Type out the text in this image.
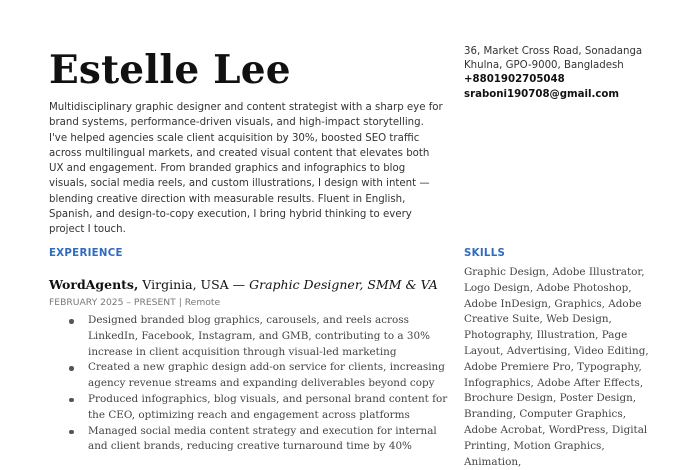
Estelle Lee

Multidisciplinary graphic designer and content strategist with a sharp eye for brand systems, performance-driven visuals, and high-impact storytelling. I've helped agencies scale client acquisition by 30%, boosted SEO traffic across multilingual markets, and created visual content that elevates both UX and engagement. From branded graphics and infographics to blog visuals, social media reels, and custom illustrations, I design with intent — blending creative direction with measurable results. Fluent in English, Spanish, and design-to-copy execution, I bring hybrid thinking to every project I touch.

36, Market Cross Road, Sonadanga
Khulna, GPO-9000, Bangladesh
+8801902705048
sraboni190708@gmail.com
EXPERIENCE
WordAgents, Virginia, USA — Graphic Designer, SMM & VA
FEBRUARY 2025 – PRESENT | Remote
Designed branded blog graphics, carousels, and reels across LinkedIn, Facebook, Instagram, and GMB, contributing to a 30% increase in client acquisition through visual-led marketing
Created a new graphic design add-on service for clients, increasing agency revenue streams and expanding deliverables beyond copy
Produced infographics, blog visuals, and personal brand content for the CEO, optimizing reach and engagement across platforms
Managed social media content strategy and execution for internal and client brands, reducing creative turnaround time by 40%
SKILLS

Graphic Design, Adobe Illustrator, Logo Design, Adobe Photoshop, Adobe InDesign, Graphics, Adobe Creative Suite, Web Design, Photography, Illustration, Page Layout, Advertising, Video Editing, Adobe Premiere Pro, Typography, Infographics, Adobe After Effects, Brochure Design, Poster Design, Branding, Computer Graphics, Adobe Acrobat, WordPress, Digital Printing, Motion Graphics, Animation,
